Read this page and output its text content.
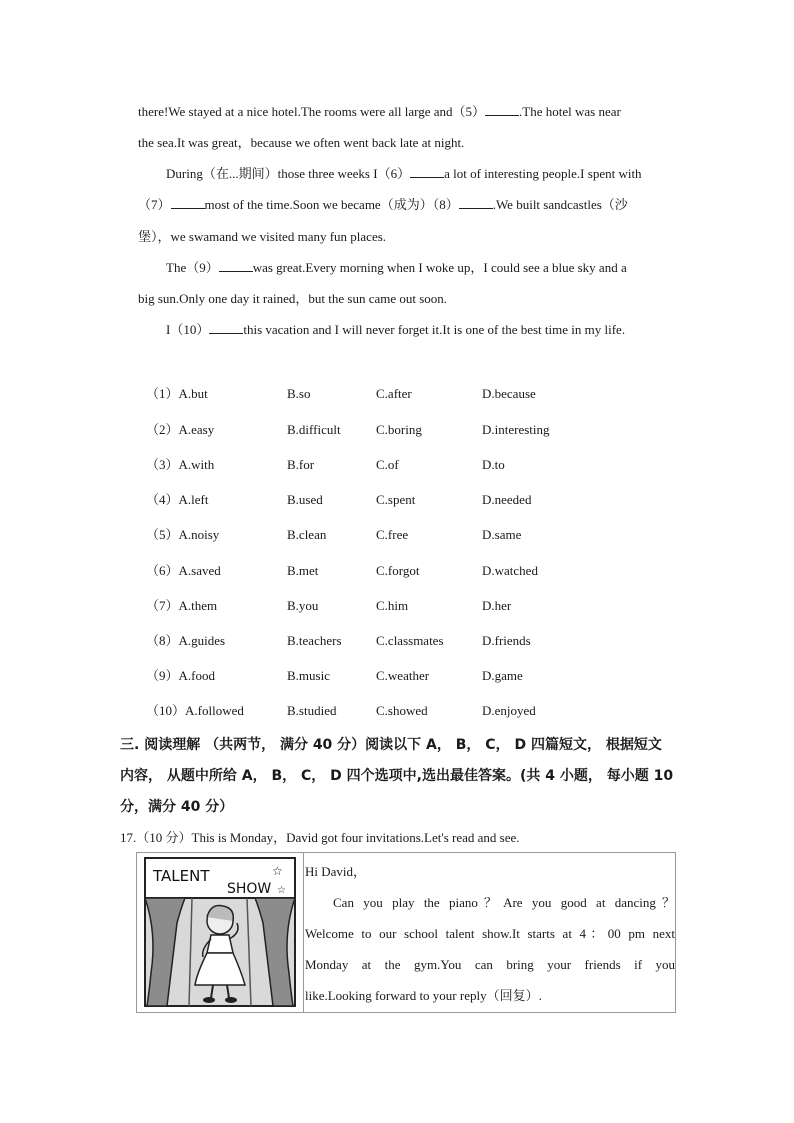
there!We stayed at a nice hotel.The rooms were all large and（5）	.The hotel was near
the sea.It was great，because we often went back late at night.
During（在...期间）those three weeks I（6）	a lot of interesting people.I spent with
（7）	most of the time.Soon we became（成为）（8）	.We built sandcastles（沙
堡），we swamand we visited many fun places.
The（9）	was great.Every morning when I woke up，I could see a blue sky and a
big sun.Only one day it rained，but the sun came out soon.
I（10）	this vacation and I will never forget it.It is one of the best time in my life.
（1）A.but	B.so	C.after	D.because
（2）A.easy	B.difficult	C.boring	D.interesting
（3）A.with	B.for	C.of	D.to
（4）A.left	B.used	C.spent	D.needed
（5）A.noisy	B.clean	C.free	D.same
（6）A.saved	B.met	C.forgot	D.watched
（7）A.them	B.you	C.him	D.her
（8）A.guides	B.teachers	C.classmates	D.friends
（9）A.food	B.music	C.weather	D.game
（10）A.followed	B.studied	C.showed	D.enjoyed
三. 阅读理解 （共两节， 满分 40 分）阅读以下 A， B， C， D 四篇短文， 根据短文
内容， 从题中所给 A， B， C， D 四个选项中,选出最佳答案。(共 4 小题， 每小题 10
分，满分 40 分）
17.（10 分）This is Monday，David got four invitations.Let's read and see.
TALENT
SHOW
☆
☆
Hi David，
Can you play the piano？Are you good at dancing？
Welcome to our school talent show.It starts at 4：00 pm next
Monday at the gym.You can bring your friends if you
like.Looking forward to your reply（回复）.
